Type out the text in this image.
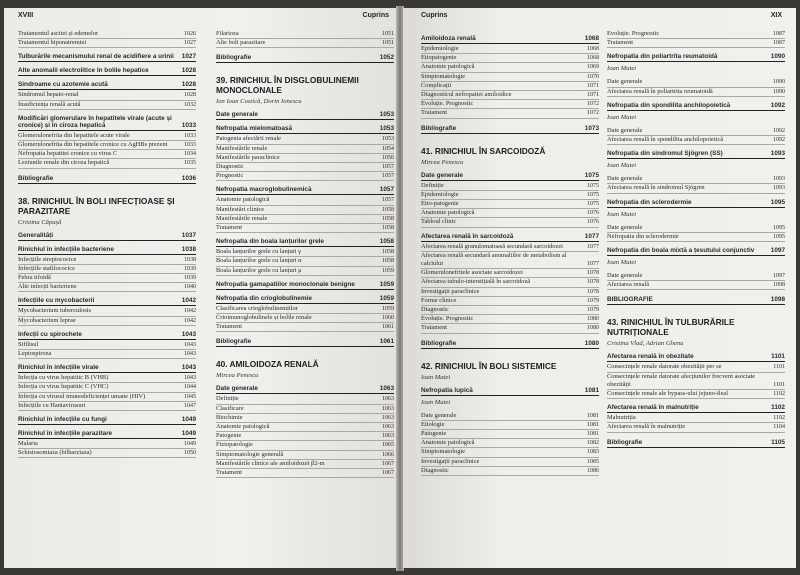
XVIII	Cuprins
Tratamentul ascitei și edemelor	1026
Tratamentul hiponatremiei	1027
Tulburările mecanismului renal de acidifiere a urinii	1027
Alte anomalii electrolitice în bolile hepatice	1028
Sindroame cu azotemie acută	1028
Sindromul hepato-renal	1028
Insuficiența renală acută	1032
Modificări glomerulare în hepatitele virale (acute și cronice) și în ciroza hepatică	1033
Glomerulonefrita din hepatitele acute virale	1033
Glomerulonefrita din hepatitele cronice cu AgHBs prezent	1033
Nefropatia hepatitei cronice cu virus C	1034
Leziunile renale din ciroza hepatică	1035
Bibliografie	1036
38. RINICHIUL ÎN BOLI INFECȚIOASE ȘI PARAZITARE
Cristina Căpușă
Generalități	1037
Rinichiul în infecțiile bacteriene	1038
Infecțiile streptococice	1038
Infecțiile stafilococice	1039
Febra tifoidă	1039
Alte infecții bacteriene	1040
Infecțiile cu mycobacterii	1042
Mycobacterium tuberculosis	1042
Mycobacterium leprae	1042
Infecții cu spirochete	1043
Sifilisul	1043
Leptospiroza	1043
Rinichiul în infecțiile virale	1043
Infecția cu virus hepatitic B (VHB)	1043
Infecția cu virus hepatitic C (VHC)	1044
Infecția cu virusul imunodeficienței umane (HIV)	1045
Infecțiile cu Hantavirusuri	1047
Rinichiul în infecțiile cu fungi	1049
Rinichiul în infecțiile parazitare	1049
Malaria	1049
Schistosomiaza (bilharziaza)	1050
Filarioza	1051
Alte boli parazitare	1051
Bibliografie	1052
39. RINICHIUL ÎN DISGLOBULINEMII MONOCLONALE
Ion Ioan Costică, Dorin Ionescu
Date generale	1053
Nefropatia mielomatoasă	1053
Patogenia afectării renale	1053
Manifestările renale	1054
Manifestările paraclinice	1056
Diagnostic	1057
Prognostic	1057
Nefropatia macroglobulinemică	1057
Anatomie patologică	1057
Manifestări clinice	1058
Manifestările renale	1058
Tratament	1058
Nefropatia din boala lanțurilor grele	1058
Boala lanțurilor grele cu lanțuri γ	1058
Boala lanțurilor grele cu lanțuri α	1058
Boala lanțurilor grele cu lanțuri μ	1059
Nefropatia gamapatiilor monoclonale benigne	1059
Nefropatia din crioglobulinemie	1059
Clasificarea crioglobulinemiilor	1059
Crioimunoglobulinele și bolile renale	1060
Tratament	1061
Bibliografie	1061
40. AMILOIDOZA RENALĂ
Mircea Penescu
Date generale	1063
Definiție	1063
Clasificare	1063
Biochimie	1063
Anatomie patologică	1063
Patogenie	1063
Fiziopatologie	1065
Simptomatologie generală	1066
Manifestările clinice ale amiloidozei β2-m	1067
Tratament	1067
Cuprins	XIX
Amiloidoza renală	1068
Epidemiologie	1068
Etiopatogenie	1068
Anatomie patologică	1069
Simptomatologie	1070
Complicații	1071
Diagnosticul nefropatiei amiloidice	1071
Evoluție. Prognostic	1072
Tratament	1072
Bibliografie	1073
41. RINICHIUL ÎN SARCOIDOZĂ
Mircea Penescu
Date generale	1075
Definiție	1075
Epidemiologie	1075
Etio-patogenie	1075
Anatomie patologică	1076
Tabloul clinic	1076
Afectarea renală în sarcoidoză	1077
Afectarea renală granulomatoasă secundară sarcoidozei	1077
Afectarea renală secundară anomaliilor de metabolism al calciului	1077
Glomerulonefritele asociate sarcoidozei	1078
Afectarea tubulo-interstițială în sarcoidoză	1078
Investigații paraclinice	1078
Forme clinice	1079
Diagnostic	1079
Evoluție. Prognostic	1080
Tratament	1080
Bibliografie	1080
42. RINICHIUL ÎN BOLI SISTEMICE
Ioan Matei
Nefropatia lupică	1081
Ioan Matei
Date generale	1081
Etiologie	1081
Patogenie	1081
Anatomie patologică	1082
Simptomatologie	1083
Investigații paraclinice	1085
Diagnostic	1086
Evoluție. Prognostic	1087
Tratament	1087
Nefropatia din poliartrita reumatoidă	1090
Ioan Matei
Date generale	1090
Afectarea renală în poliartrita reumatoidă	1090
Nefropatia din spondilita anchilopoietică	1092
Ioan Matei
Date generale	1092
Afectarea renală în spondilita anchilopoietică	1092
Nefropatia din sindromul Sjögren (SS)	1093
Ioan Matei
Date generale	1093
Afectarea renală în sindromul Sjögren	1093
Nefropatia din sclerodermie	1095
Ioan Matei
Date generale	1095
Nefropatia din sclerodermie	1095
Nefropatia din boala mixtă a țesutului conjunctiv	1097
Ioan Matei
Date generale	1097
Afectarea renală	1098
BIBLIOGRAFIE	1098
43. RINICHIUL ÎN TULBURĂRILE NUTRIȚIONALE
Cristina Vlad, Adrian Ghenu
Afectarea renală în obezitate	1101
Consecințele renale datorate obezității per se	1101
Consecințele renale datorate afecțiunilor frecvent asociate obezității	1101
Consecințele renale ale bypass-ului jejuno-ileal	1102
Afectarea renală în malnutriție	1102
Malnutriția	1102
Afectarea renală în malnutriție	1104
Bibliografie	1105
